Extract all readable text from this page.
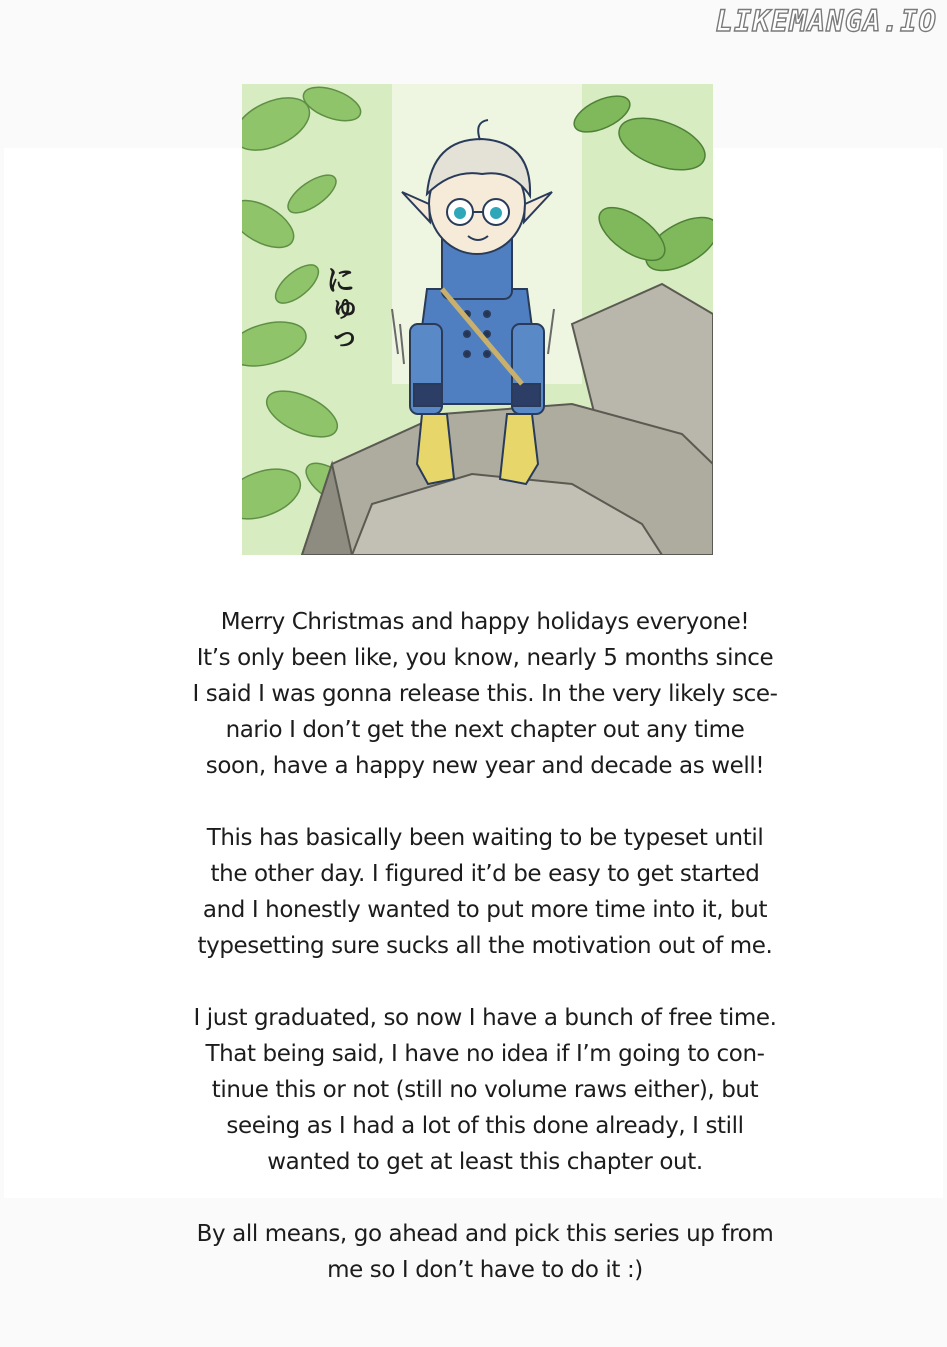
LIKEMANGA.IO
にゅっ

Merry Christmas and happy holidays everyone!
It’s only been like, you know, nearly 5 months since
I said I was gonna release this. In the very likely sce-
nario I don’t get the next chapter out any time
soon, have a happy new year and decade as well!

This has basically been waiting to be typeset until
the other day. I figured it’d be easy to get started
and I honestly wanted to put more time into it, but
typesetting sure sucks all the motivation out of me.

I just graduated, so now I have a bunch of free time.
That being said, I have no idea if I’m going to con-
tinue this or not (still no volume raws either), but
seeing as I had a lot of this done already, I still
wanted to get at least this chapter out.

By all means, go ahead and pick this series up from
me so I don’t have to do it :)
